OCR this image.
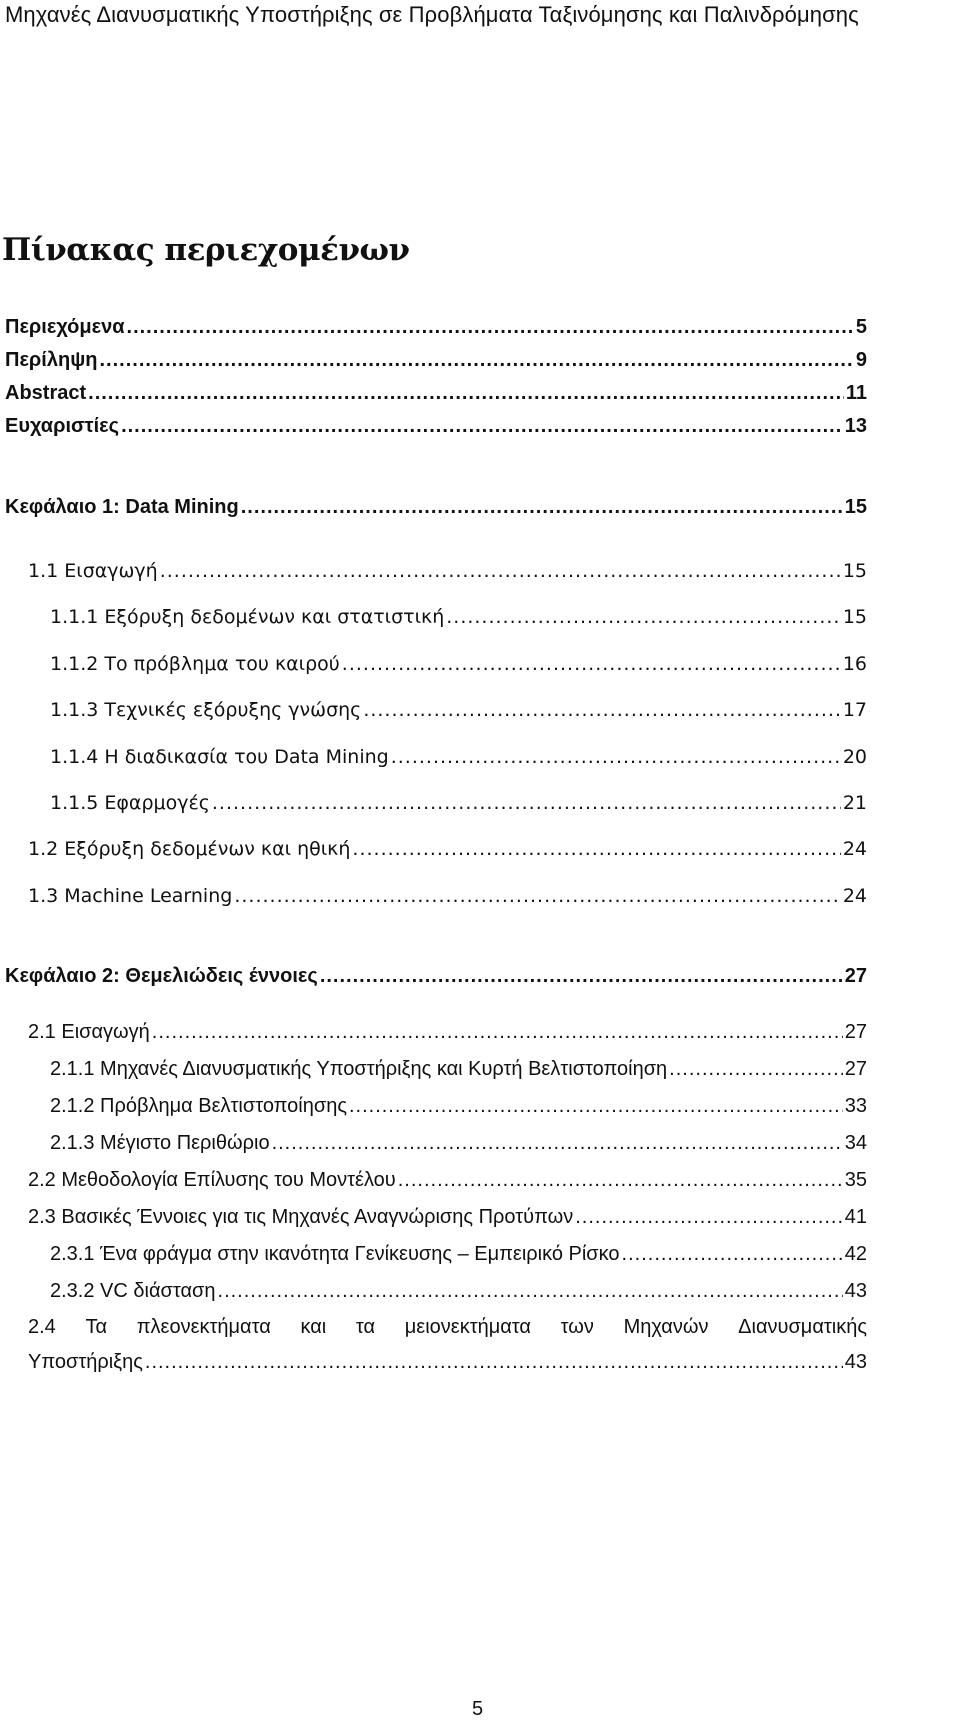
Μηχανές Διανυσματικής Υποστήριξης σε Προβλήματα Ταξινόμησης και Παλινδρόμησης
Πίνακας περιεχομένων
Περιεχόμενα .....	5
Περίληψη .....	9
Abstract .....	11
Ευχαριστίες .....	13
Κεφάλαιο 1: Data Mining .....	15
1.1 Εισαγωγή .....	15
1.1.1 Εξόρυξη δεδομένων και στατιστική .....	15
1.1.2 Το πρόβλημα του καιρού .....	16
1.1.3 Τεχνικές εξόρυξης γνώσης .....	17
1.1.4 Η διαδικασία του Data Mining .....	20
1.1.5 Εφαρμογές .....	21
1.2 Εξόρυξη δεδομένων και ηθική .....	24
1.3 Machine Learning .....	24
Κεφάλαιο 2: Θεμελιώδεις έννοιες .....	27
2.1 Εισαγωγή .....	27
2.1.1 Μηχανές Διανυσματικής Υποστήριξης και Κυρτή Βελτιστοποίηση .....	27
2.1.2 Πρόβλημα Βελτιστοποίησης .....	33
2.1.3 Μέγιστο Περιθώριο .....	34
2.2 Μεθοδολογία Επίλυσης του Μοντέλου .....	35
2.3 Βασικές Έννοιες για τις Μηχανές Αναγνώρισης Προτύπων .....	41
2.3.1 Ένα φράγμα στην ικανότητα Γενίκευσης – Εμπειρικό Ρίσκο .....	42
2.3.2 VC διάσταση .....	43
2.4 Τα πλεονεκτήματα και τα μειονεκτήματα των Μηχανών Διανυσματικής
Υποστήριξης .....	43
5
